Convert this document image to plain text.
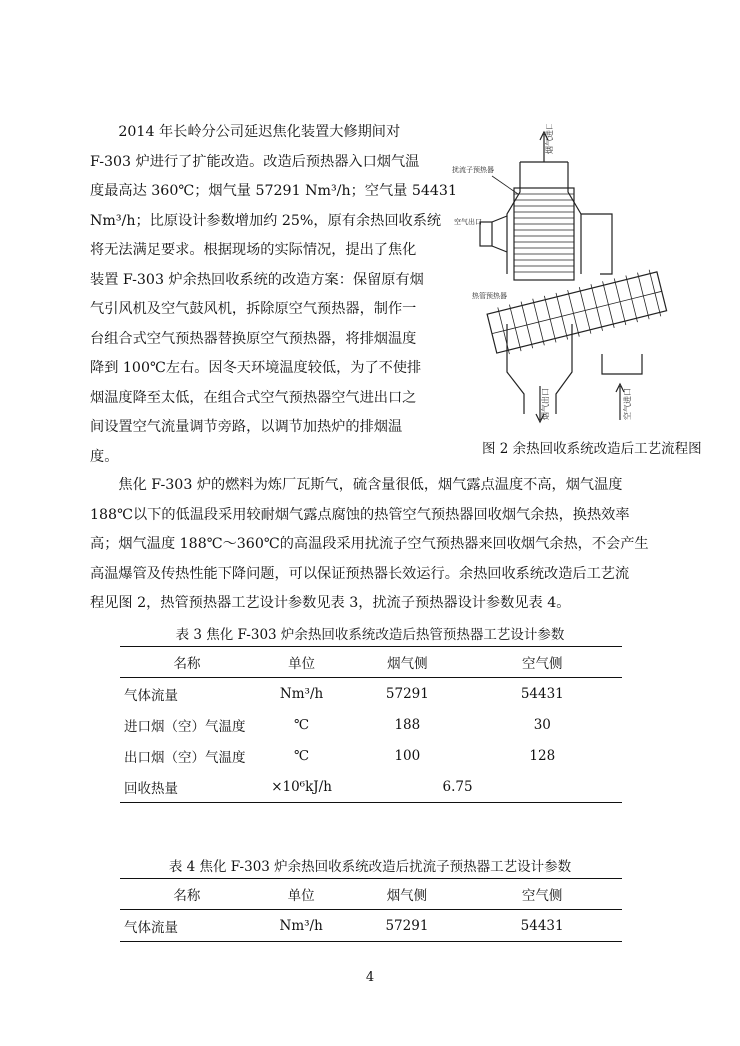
　　2014 年长岭分公司延迟焦化装置大修期间对
F-303 炉进行了扩能改造。改造后预热器入口烟气温
度最高达 360℃；烟气量 57291 Nm³/h；空气量 54431
Nm³/h；比原设计参数增加约 25%，原有余热回收系统
将无法满足要求。根据现场的实际情况，提出了焦化
装置 F-303 炉余热回收系统的改造方案：保留原有烟
气引风机及空气鼓风机，拆除原空气预热器，制作一
台组合式空气预热器替换原空气预热器，将排烟温度
降到 100℃左右。因冬天环境温度较低，为了不使排
烟温度降至太低，在组合式空气预热器空气进出口之
间设置空气流量调节旁路，以调节加热炉的排烟温
度。
烟气进口
扰流子预热器
空气出口
热管预热器
烟气出口	空气进口
图 2 余热回收系统改造后工艺流程图
　　焦化 F-303 炉的燃料为炼厂瓦斯气，硫含量很低，烟气露点温度不高，烟气温度
188℃以下的低温段采用较耐烟气露点腐蚀的热管空气预热器回收烟气余热，换热效率
高；烟气温度 188℃～360℃的高温段采用扰流子空气预热器来回收烟气余热，不会产生
高温爆管及传热性能下降问题，可以保证预热器长效运行。余热回收系统改造后工艺流
程见图 2，热管预热器工艺设计参数见表 3，扰流子预热器设计参数见表 4。
表 3 焦化 F-303 炉余热回收系统改造后热管预热器工艺设计参数
名称	单位	烟气侧	空气侧
气体流量	Nm³/h	57291	54431
进口烟（空）气温度	℃	188	30
出口烟（空）气温度	℃	100	128
回收热量	×10⁶kJ/h	6.75	
表 4 焦化 F-303 炉余热回收系统改造后扰流子预热器工艺设计参数
名称	单位	烟气侧	空气侧
气体流量	Nm³/h	57291	54431
4
